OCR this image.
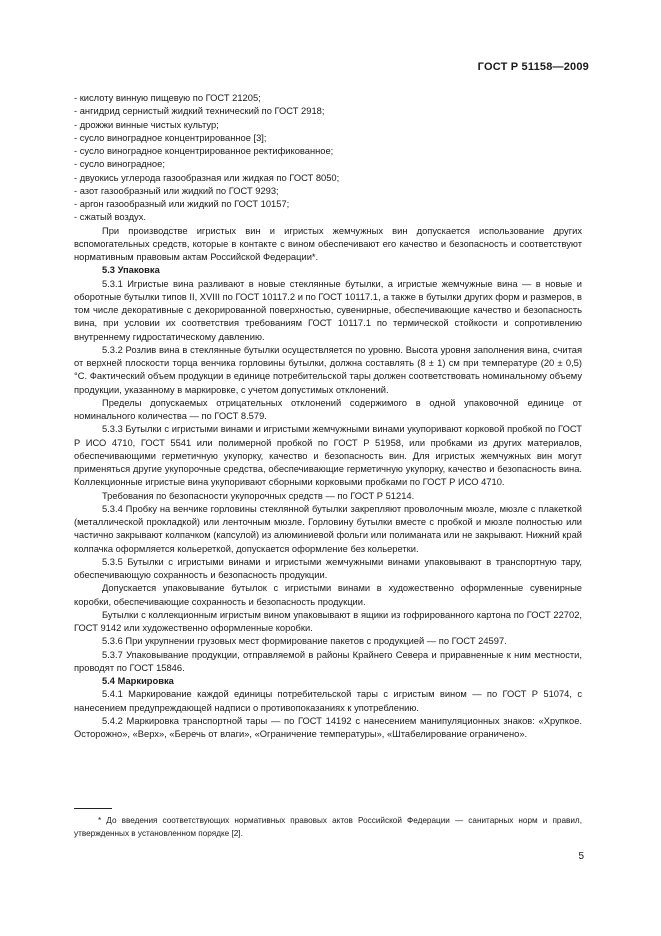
ГОСТ Р 51158—2009
- кислоту винную пищевую по ГОСТ 21205;
- ангидрид сернистый жидкий технический по ГОСТ 2918;
- дрожжи винные чистых культур;
- сусло виноградное концентрированное [3];
- сусло виноградное концентрированное ректификованное;
- сусло виноградное;
- двуокись углерода газообразная или жидкая по ГОСТ 8050;
- азот газообразный или жидкий по ГОСТ 9293;
- аргон газообразный или жидкий по ГОСТ 10157;
- сжатый воздух.

При производстве игристых вин и игристых жемчужных вин допускается использование других вспомогательных средств, которые в контакте с вином обеспечивают его качество и безопасность и соответствуют нормативным правовым актам Российской Федерации*.

5.3 Упаковка

5.3.1 Игристые вина разливают в новые стеклянные бутылки, а игристые жемчужные вина — в новые и оборотные бутылки типов II, XVIII по ГОСТ 10117.2 и по ГОСТ 10117.1, а также в бутылки других форм и размеров, в том числе декоративные с декорированной поверхностью, сувенирные, обеспечивающие качество и безопасность вина, при условии их соответствия требованиям ГОСТ 10117.1 по термической стойкости и сопротивлению внутреннему гидростатическому давлению.

5.3.2 Розлив вина в стеклянные бутылки осуществляется по уровню. Высота уровня заполнения вина, считая от верхней плоскости торца венчика горловины бутылки, должна составлять (8 ± 1) см при температуре (20 ± 0,5) °С. Фактический объем продукции в единице потребительской тары должен соответствовать номинальному объему продукции, указанному в маркировке, с учетом допустимых отклонений.

Пределы допускаемых отрицательных отклонений содержимого в одной упаковочной единице от номинального количества — по ГОСТ 8.579.

5.3.3 Бутылки с игристыми винами и игристыми жемчужными винами укупоривают корковой пробкой по ГОСТ Р ИСО 4710, ГОСТ 5541 или полимерной пробкой по ГОСТ Р 51958, или пробками из других материалов, обеспечивающими герметичную укупорку, качество и безопасность вин. Для игристых жемчужных вин могут применяться другие укупорочные средства, обеспечивающие герметичную укупорку, качество и безопасность вина. Коллекционные игристые вина укупоривают сборными корковыми пробками по ГОСТ Р ИСО 4710.

Требования по безопасности укупорочных средств — по ГОСТ Р 51214.

5.3.4 Пробку на венчике горловины стеклянной бутылки закрепляют проволочным мюзле, мюзле с плакеткой (металлической прокладкой) или ленточным мюзле. Горловину бутылки вместе с пробкой и мюзле полностью или частично закрывают колпачком (капсулой) из алюминиевой фольги или полиманата или не закрывают. Нижний край колпачка оформляется кольереткой, допускается оформление без кольеретки.

5.3.5 Бутылки с игристыми винами и игристыми жемчужными винами упаковывают в транспортную тару, обеспечивающую сохранность и безопасность продукции.

Допускается упаковывание бутылок с игристыми винами в художественно оформленные сувенирные коробки, обеспечивающие сохранность и безопасность продукции.

Бутылки с коллекционным игристым вином упаковывают в ящики из гофрированного картона по ГОСТ 22702, ГОСТ 9142 или художественно оформленные коробки.

5.3.6 При укрупнении грузовых мест формирование пакетов с продукцией — по ГОСТ 24597.

5.3.7 Упаковывание продукции, отправляемой в районы Крайнего Севера и приравненные к ним местности, проводят по ГОСТ 15846.

5.4 Маркировка

5.4.1 Маркирование каждой единицы потребительской тары с игристым вином — по ГОСТ Р 51074, с нанесением предупреждающей надписи о противопоказаниях к употреблению.

5.4.2 Маркировка транспортной тары — по ГОСТ 14192 с нанесением манипуляционных знаков: «Хрупкое. Осторожно», «Верх», «Беречь от влаги», «Ограничение температуры», «Штабелирование ограничено».

* До введения соответствующих нормативных правовых актов Российской Федерации — санитарных норм и правил, утвержденных в установленном порядке [2].

5
